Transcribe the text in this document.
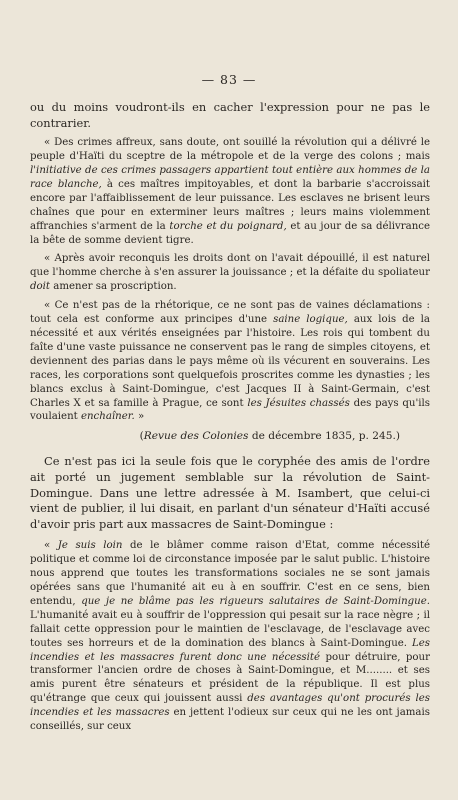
— 83 —

ou du moins voudront-ils en cacher l'expression pour ne pas le contrarier.

« Des crimes affreux, sans doute, ont souillé la révolution qui a délivré le peuple d'Haïti du sceptre de la métropole et de la verge des colons ; mais l'initiative de ces crimes passagers appartient tout entière aux hommes de la race blanche, à ces maîtres impitoyables, et dont la barbarie s'accroissait encore par l'affaiblissement de leur puissance. Les esclaves ne brisent leurs chaînes que pour en exterminer leurs maîtres ; leurs mains violemment affranchies s'arment de la torche et du poignard, et au jour de sa délivrance la bête de somme devient tigre.

« Après avoir reconquis les droits dont on l'avait dépouillé, il est naturel que l'homme cherche à s'en assurer la jouissance ; et la défaite du spoliateur doit amener sa proscription.

« Ce n'est pas de la rhétorique, ce ne sont pas de vaines déclamations : tout cela est conforme aux principes d'une saine logique, aux lois de la nécessité et aux vérités enseignées par l'histoire. Les rois qui tombent du faîte d'une vaste puissance ne conservent pas le rang de simples citoyens, et deviennent des parias dans le pays même où ils vécurent en souverains. Les races, les corporations sont quelquefois proscrites comme les dynasties ; les blancs exclus à Saint-Domingue, c'est Jacques II à Saint-Germain, c'est Charles X et sa famille à Prague, ce sont les Jésuites chassés des pays qu'ils voulaient enchaîner. »

(Revue des Colonies de décembre 1835, p. 245.)

Ce n'est pas ici la seule fois que le coryphée des amis de l'ordre ait porté un jugement semblable sur la révolution de Saint-Domingue. Dans une lettre adressée à M. Isambert, que celui-ci vient de publier, il lui disait, en parlant d'un sénateur d'Haïti accusé d'avoir pris part aux massacres de Saint-Domingue :

« Je suis loin de le blâmer comme raison d'Etat, comme nécessité politique et comme loi de circonstance imposée par le salut public. L'histoire nous apprend que toutes les transformations sociales ne se sont jamais opérées sans que l'humanité ait eu à en souffrir. C'est en ce sens, bien entendu, que je ne blâme pas les rigueurs salutaires de Saint-Domingue. L'humanité avait eu à souffrir de l'oppression qui pesait sur la race nègre ; il fallait cette oppression pour le maintien de l'esclavage, de l'esclavage avec toutes ses horreurs et de la domination des blancs à Saint-Domingue. Les incendies et les massacres furent donc une nécessité pour détruire, pour transformer l'ancien ordre de choses à Saint-Domingue, et M........ et ses amis purent être sénateurs et président de la république. Il est plus qu'étrange que ceux qui jouissent aussi des avantages qu'ont procurés les incendies et les massacres en jettent l'odieux sur ceux qui ne les ont jamais conseillés, sur ceux
